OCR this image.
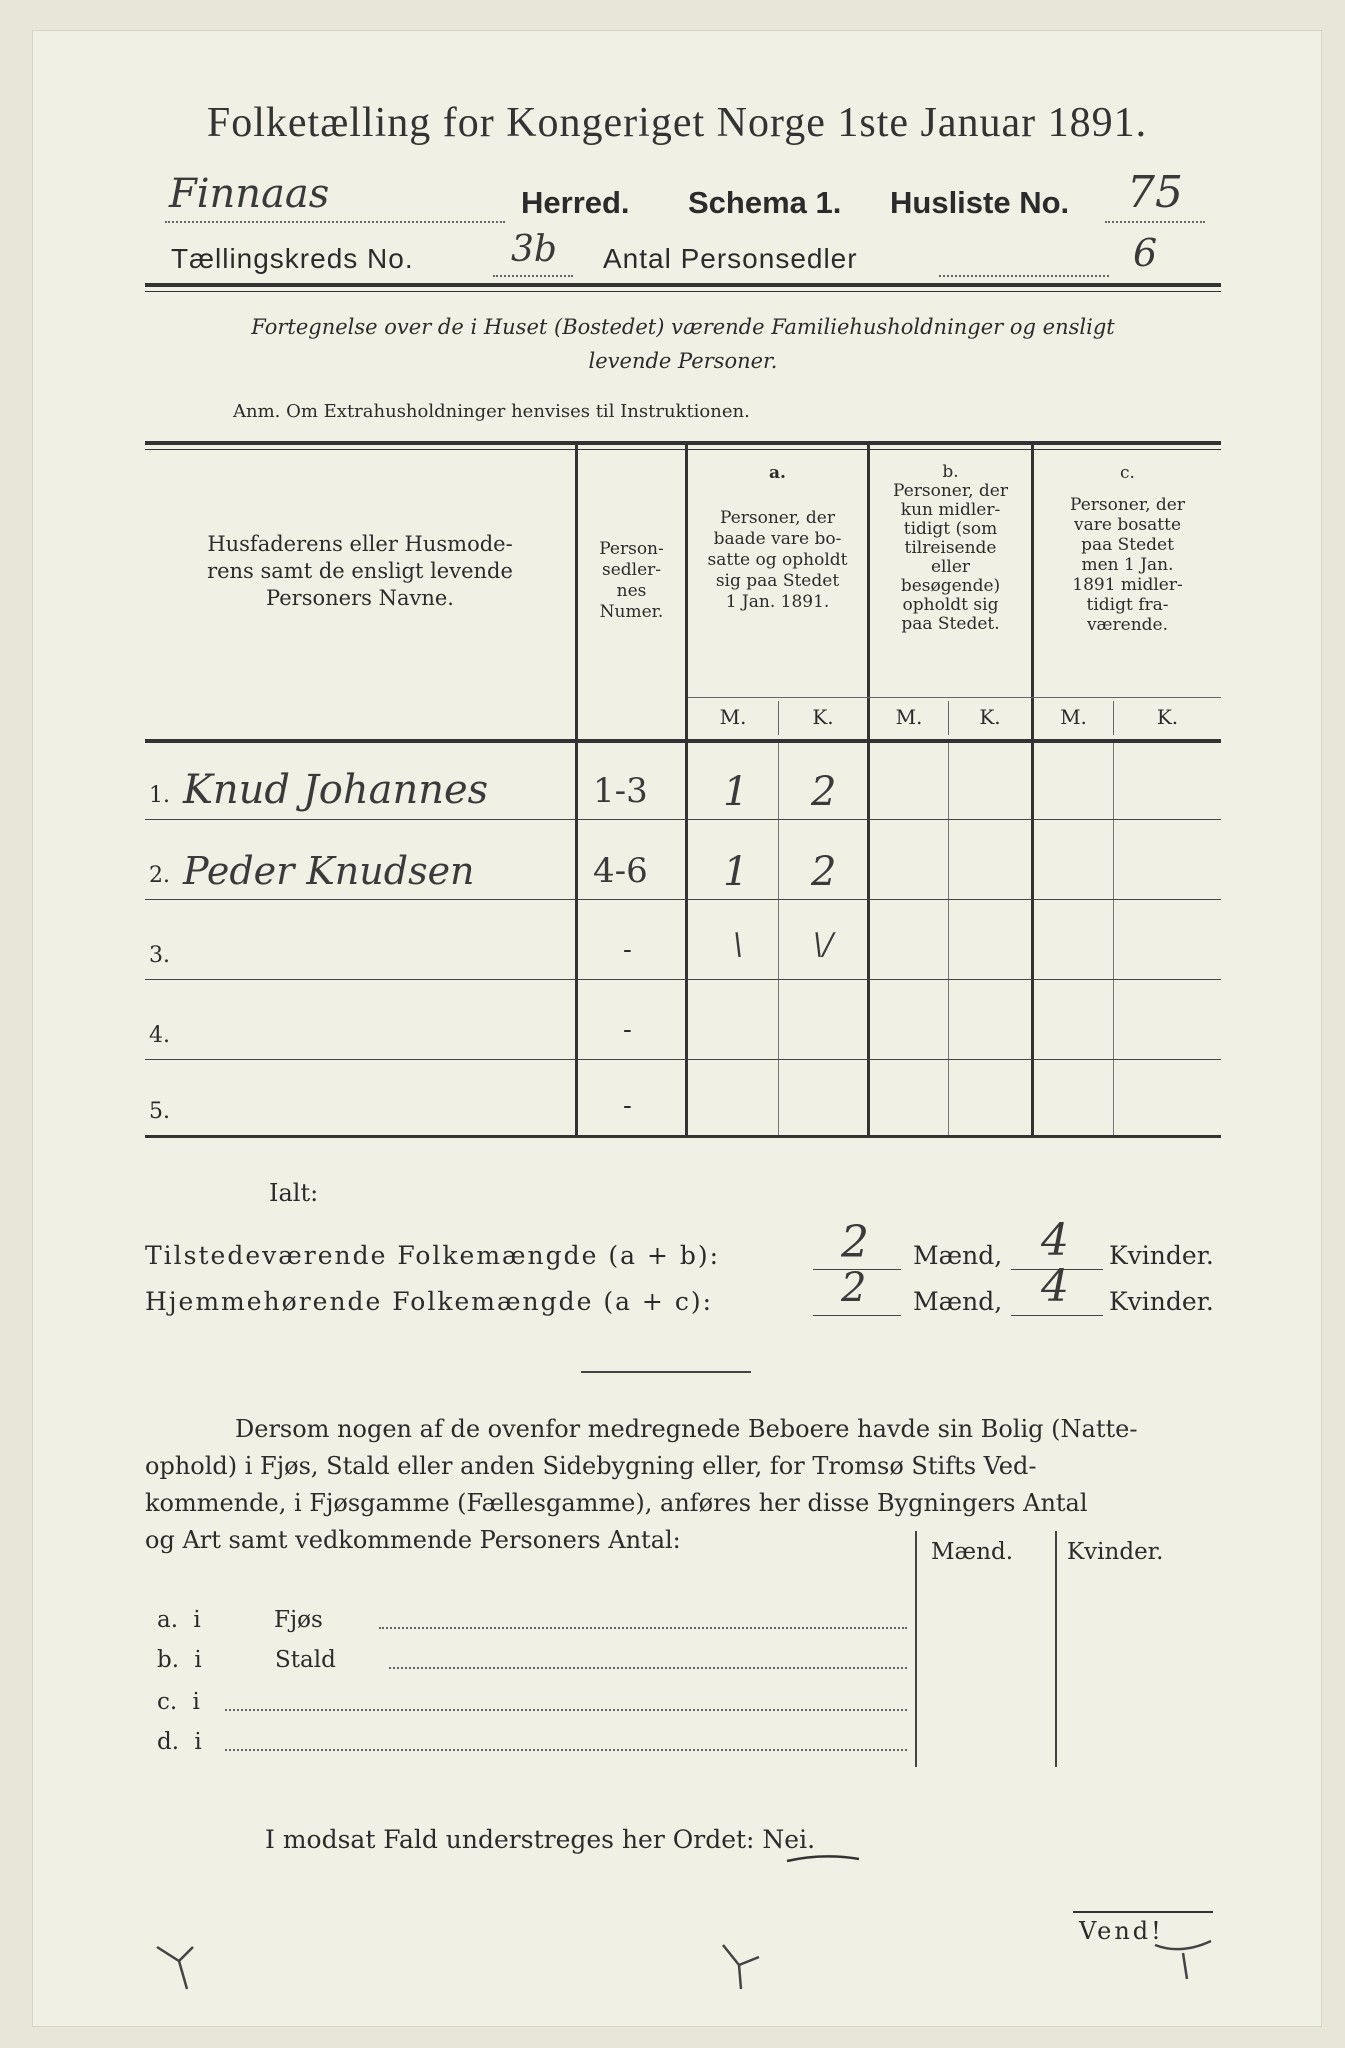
Folketælling for Kongeriget Norge 1ste Januar 1891.
Finnaas	Herred. Schema 1. Husliste No. 75
Tællingskreds No.	3b Antal Personsedler	6
Fortegnelse over de i Huset (Bostedet) værende Familiehusholdninger og ensligt
levende Personer.
Anm. Om Extrahusholdninger henvises til Instruktionen.
Husfaderens eller Husmode-
rens samt de ensligt levende
Personers Navne.
Person-
sedler-
nes
Numer.
a.
Personer, der
baade vare bo-
satte og opholdt
sig paa Stedet
1 Jan. 1891.
b.
Personer, der
kun midler-
tidigt (som
tilreisende
eller
besøgende)
opholdt sig
paa Stedet.
c.
Personer, der
vare bosatte
paa Stedet
men 1 Jan.
1891 midler-
tidigt fra-
værende.
M.	K.	M.	K.	M.	K.
1. Knud Johannes	1-3 1 2
2. Peder Knudsen	4-6 1 2
3.	-	\ \/
4.	-
5.	-
Ialt:
Tilstedeværende Folkemængde (a + b):	2 Mænd, 4 Kvinder.
Hjemmehørende Folkemængde (a + c):	2 Mænd, 4 Kvinder.
Dersom nogen af de ovenfor medregnede Beboere havde sin Bolig (Natte-
ophold) i Fjøs, Stald eller anden Sidebygning eller, for Tromsø Stifts Ved-
kommende, i Fjøsgamme (Fællesgamme), anføres her disse Bygningers Antal
og Art samt vedkommende Personers Antal:	Mænd. Kvinder.
a. i	Fjøs
b. i	Stald
c. i
d. i
I modsat Fald understreges her Ordet: Nei.
Vend!
